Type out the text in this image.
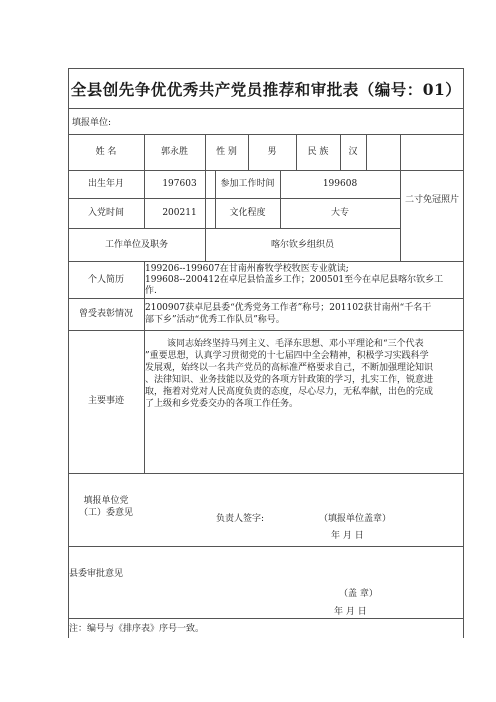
全县创先争优优秀共产党员推荐和审批表（编号：01）
填报单位:
姓 名	郭永胜	性 别	男	民 族	汉
二寸免冠照片
出生年月	197603	参加工作时间	199608
入党时间	200211	文化程度	大专
工作单位及职务	喀尔钦乡组织员
个人简历
199206--199607在甘南州畜牧学校牧医专业就读;
199608--200412在卓尼县恰盖乡工作；200501至今在卓尼县喀尔钦乡工
作.
曾受表彰情况
2100907获卓尼县委“优秀党务工作者”称号；201102获甘南州“千名干
部下乡”活动“优秀工作队员”称号。
主要事迹
该同志始终坚持马列主义、毛泽东思想、邓小平理论和“三个代表
”重要思想，认真学习贯彻党的十七届四中全会精神，积极学习实践科学
发展观，始终以一名共产党员的高标准严格要求自己，不断加强理论知识
、法律知识、业务技能以及党的各项方针政策的学习，扎实工作，锐意进
取，拖着对党对人民高度负责的态度，尽心尽力，无私奉献，出色的完成
了上级和乡党委交办的各项工作任务。
填报单位党
（工）委意见
负责人签字:	（填报单位盖章）
年 月 日
县委审批意见
（盖 章）
年 月 日
注：编号与《排序表》序号一致。
